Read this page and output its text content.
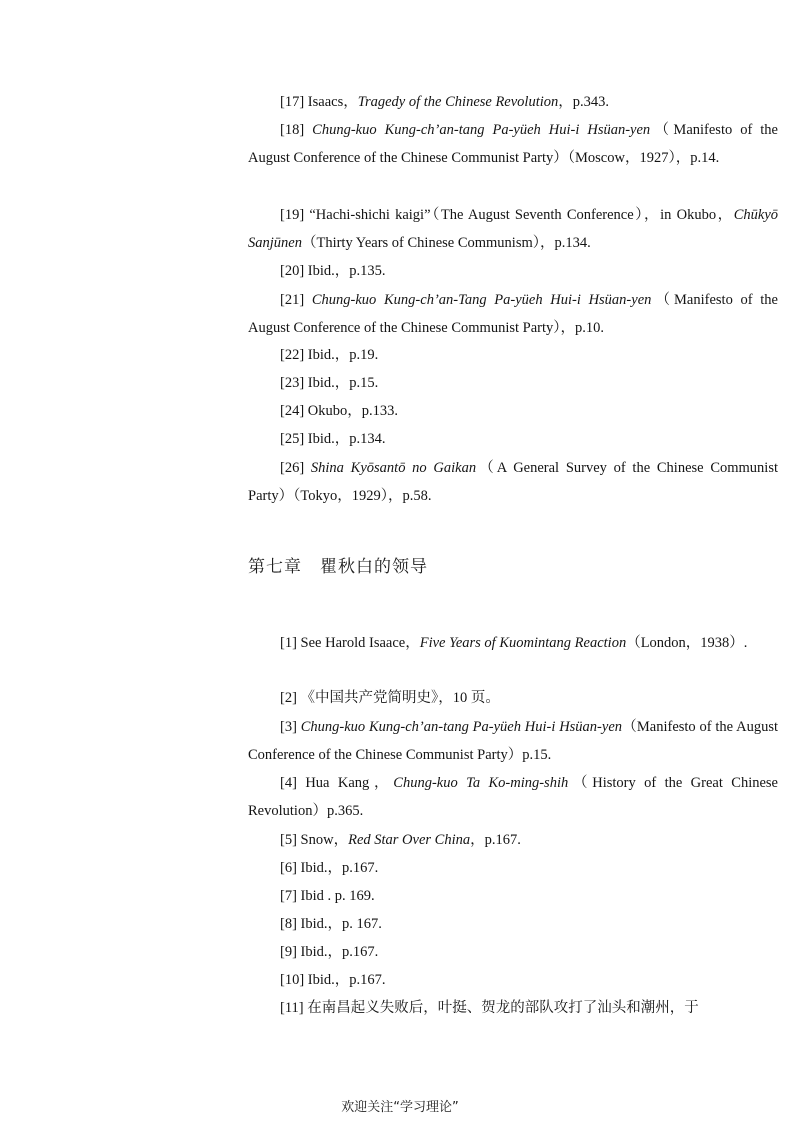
[17] Isaacs，Tragedy of the Chinese Revolution，p.343.

[18] Chung-kuo Kung-ch’an-tang Pa-yüeh Hui-i Hsüan-yen（Manifesto of the August Conference of the Chinese Communist Party）（Moscow，1927），p.14.

[19] “Hachi-shichi kaigi”（The August Seventh Conference），in Okubo，Chūkyō Sanjūnen（Thirty Years of Chinese Communism），p.134.

[20] Ibid.，p.135.

[21] Chung-kuo Kung-ch’an-Tang Pa-yüeh Hui-i Hsüan-yen（Manifesto of the August Conference of the Chinese Communist Party），p.10.

[22] Ibid.，p.19.

[23] Ibid.，p.15.

[24] Okubo，p.133.

[25] Ibid.，p.134.

[26] Shina Kyōsantō no Gaikan（A General Survey of the Chinese Communist Party）（Tokyo，1929），p.58.

第七章　瞿秋白的领导

[1] See Harold Isaace，Five Years of Kuomintang Reaction（London，1938）.

[2] 《中国共产党简明史》，10 页。

[3] Chung-kuo Kung-ch’an-tang Pa-yüeh Hui-i Hsüan-yen（Manifesto of the August Conference of the Chinese Communist Party）p.15.

[4] Hua Kang，Chung-kuo Ta Ko-ming-shih（History of the Great Chinese Revolution）p.365.

[5] Snow，Red Star Over China，p.167.

[6] Ibid.，p.167.

[7] Ibid . p. 169.

[8] Ibid.，p. 167.

[9] Ibid.，p.167.

[10] Ibid.，p.167.

[11] 在南昌起义失败后，叶挺、贺龙的部队攻打了汕头和潮州，于

欢迎关注“学习理论”
